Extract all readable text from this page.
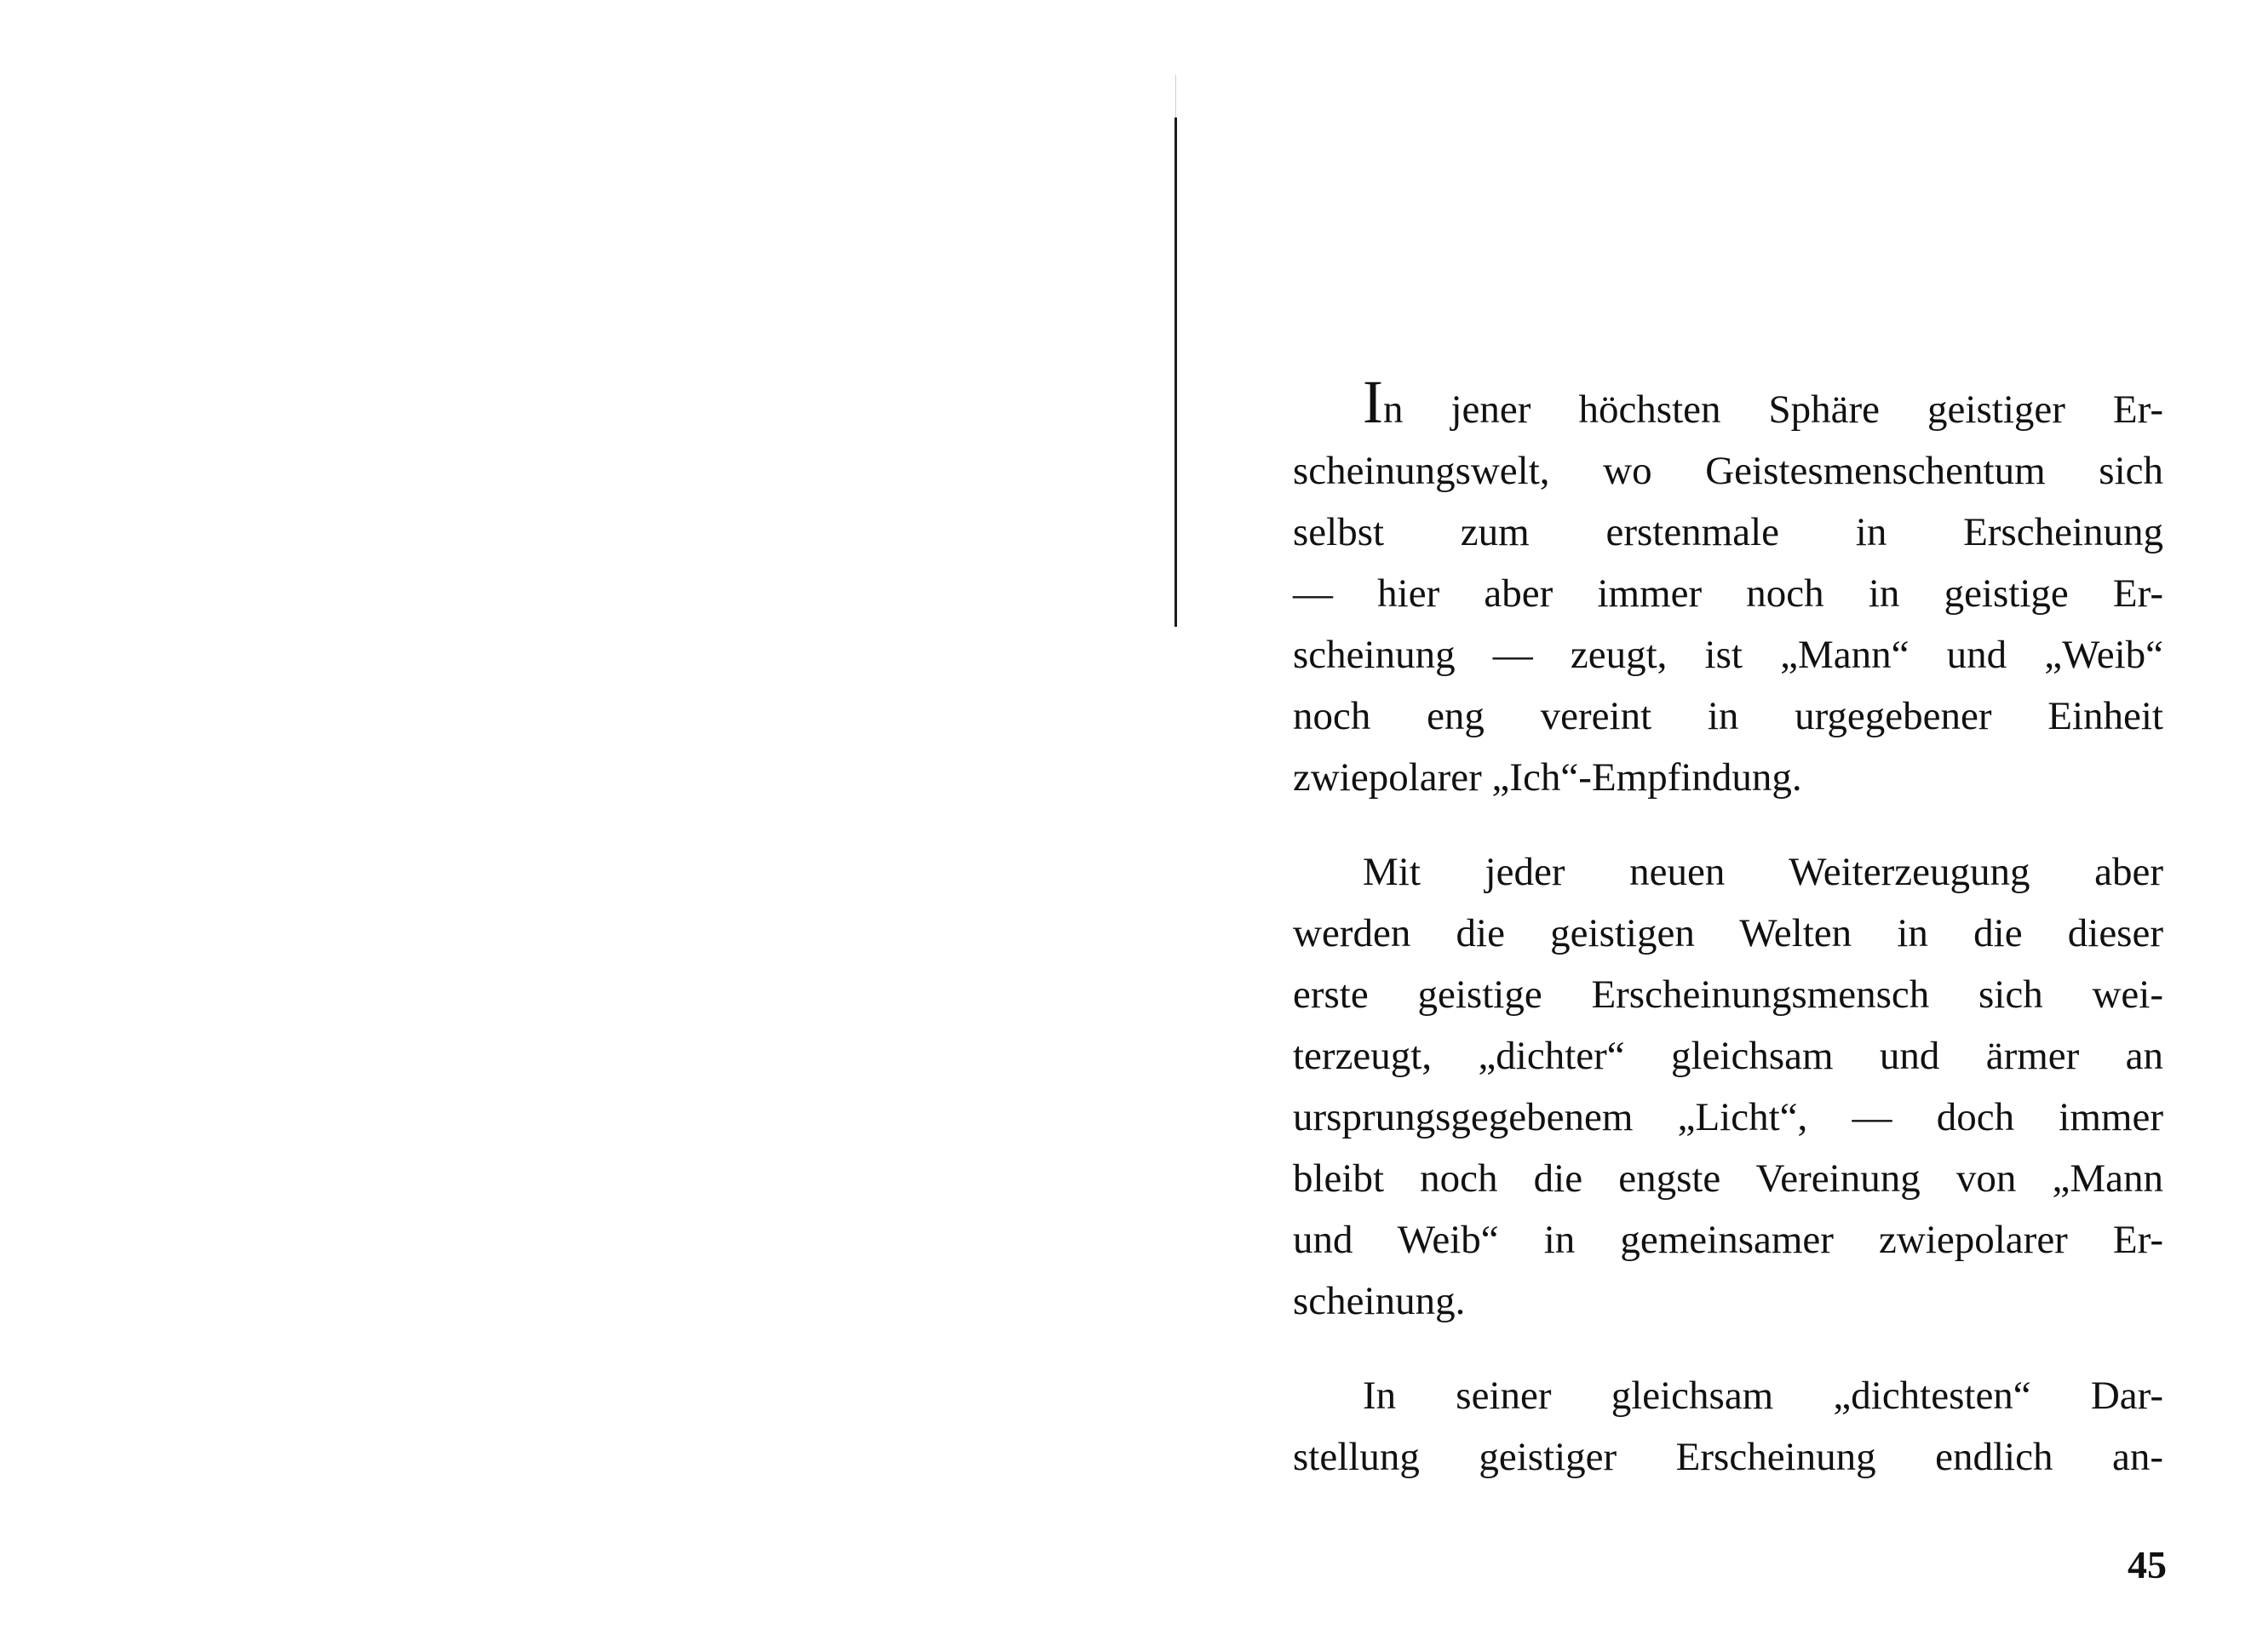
In jener höchsten Sphäre geistiger Er-
scheinungswelt, wo Geistesmenschentum sich
selbst zum erstenmale in Erscheinung
— hier aber immer noch in geistige Er-
scheinung — zeugt, ist „Mann“ und „Weib“
noch eng vereint in urgegebener Einheit
zwiepolarer „Ich“-Empfindung.

Mit jeder neuen Weiterzeugung aber
werden die geistigen Welten in die dieser
erste geistige Erscheinungsmensch sich wei-
terzeugt, „dichter“ gleichsam und ärmer an
ursprungsgegebenem „Licht“, — doch immer
bleibt noch die engste Vereinung von „Mann
und Weib“ in gemeinsamer zwiepolarer Er-
scheinung.

In seiner gleichsam „dichtesten“ Dar-
stellung geistiger Erscheinung endlich an-

45
